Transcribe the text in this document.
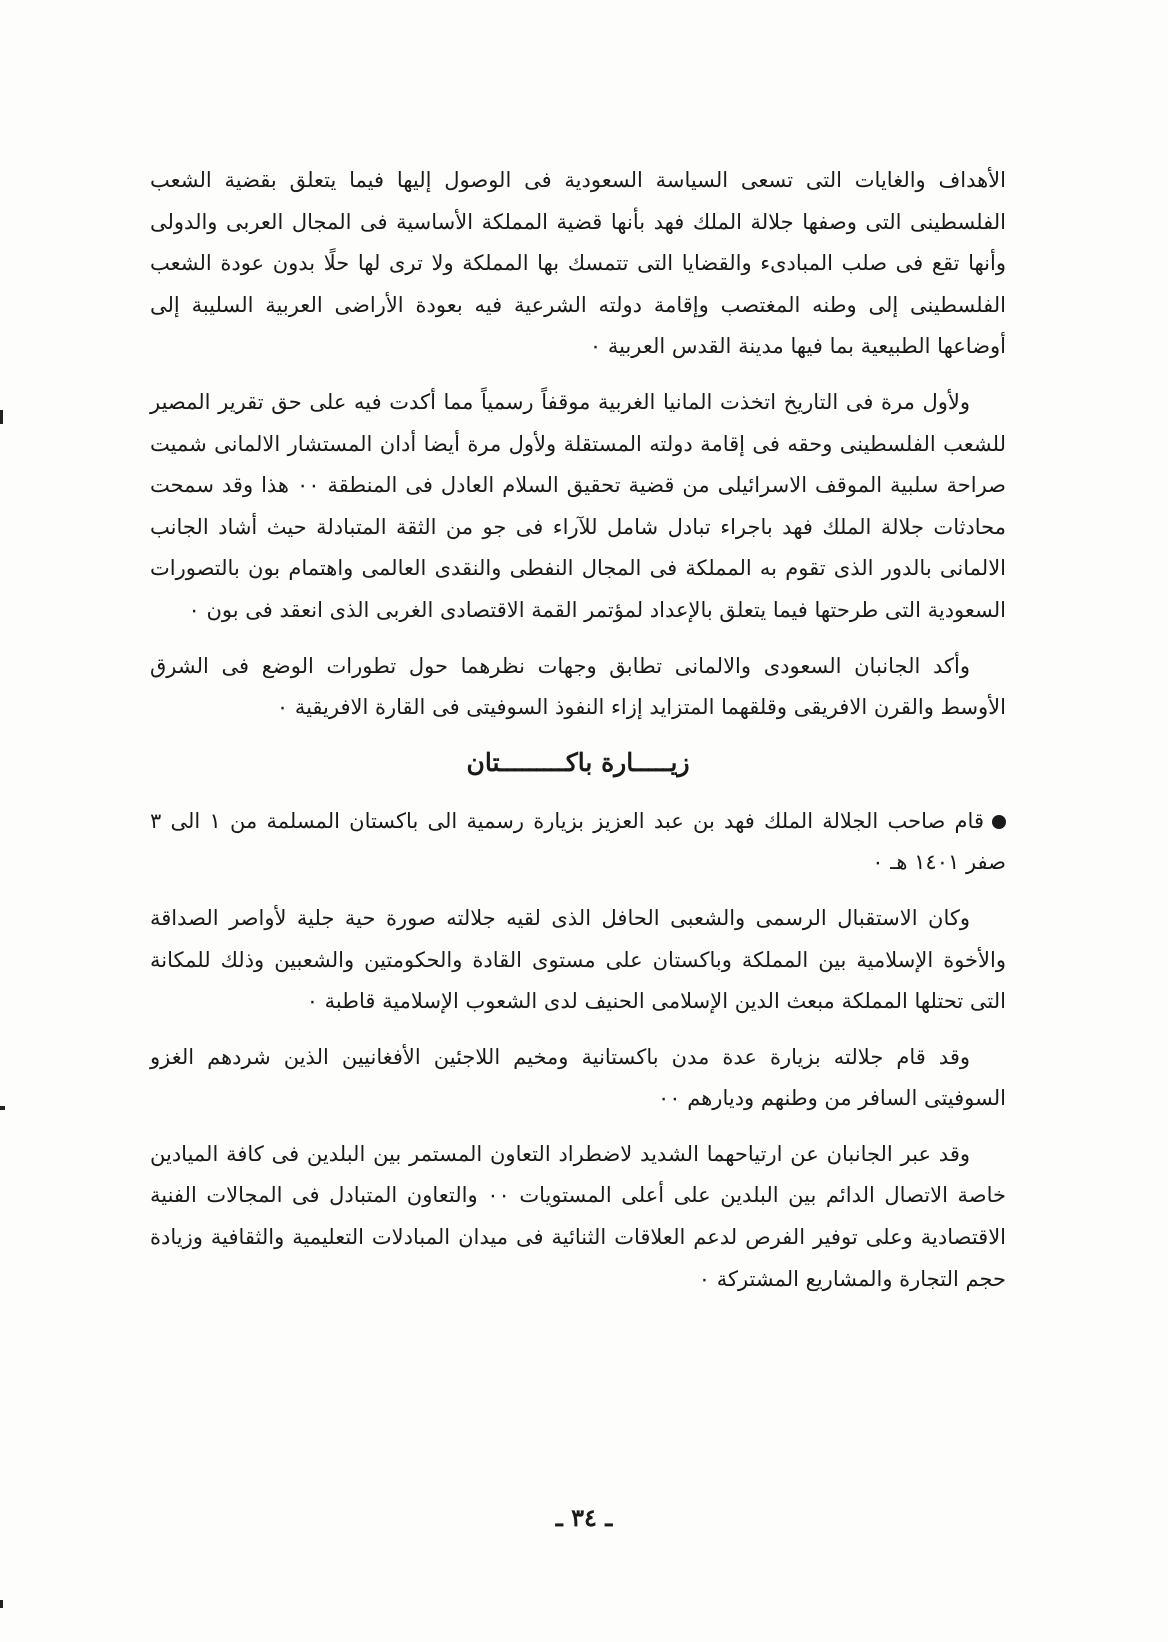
الأهداف والغايات التى تسعى السياسة السعودية فى الوصول إليها فيما يتعلق بقضية الشعب الفلسطينى التى وصفها جلالة الملك فهد بأنها قضية المملكة الأساسية فى المجال العربى والدولى وأنها تقع فى صلب المبادىء والقضايا التى تتمسك بها المملكة ولا ترى لها حلًا بدون عودة الشعب الفلسطينى إلى وطنه المغتصب وإقامة دولته الشرعية فيه بعودة الأراضى العربية السليبة إلى أوضاعها الطبيعية بما فيها مدينة القدس العربية ٠

ولأول مرة فى التاريخ اتخذت المانيا الغربية موقفاً رسمياً مما أكدت فيه على حق تقرير المصير للشعب الفلسطينى وحقه فى إقامة دولته المستقلة ولأول مرة أيضا أدان المستشار الالمانى شميت صراحة سلبية الموقف الاسرائيلى من قضية تحقيق السلام العادل فى المنطقة ٠٠ هذا وقد سمحت محادثات جلالة الملك فهد باجراء تبادل شامل للآراء فى جو من الثقة المتبادلة حيث أشاد الجانب الالمانى بالدور الذى تقوم به المملكة فى المجال النفطى والنقدى العالمى واهتمام بون بالتصورات السعودية التى طرحتها فيما يتعلق بالإعداد لمؤتمر القمة الاقتصادى الغربى الذى انعقد فى بون ٠

وأكد الجانبان السعودى والالمانى تطابق وجهات نظرهما حول تطورات الوضع فى الشرق الأوسط والقرن الافريقى وقلقهما المتزايد إزاء النفوذ السوفيتى فى القارة الافريقية ٠

زيـــــارة باكـــــــــتان

قام صاحب الجلالة الملك فهد بن عبد العزيز بزيارة رسمية الى باكستان المسلمة من ١ الى ٣ صفر ١٤٠١ هـ ٠

وكان الاستقبال الرسمى والشعبى الحافل الذى لقيه جلالته صورة حية جلية لأواصر الصداقة والأخوة الإسلامية بين المملكة وباكستان على مستوى القادة والحكومتين والشعبين وذلك للمكانة التى تحتلها المملكة مبعث الدين الإسلامى الحنيف لدى الشعوب الإسلامية قاطبة ٠

وقد قام جلالته بزيارة عدة مدن باكستانية ومخيم اللاجئين الأفغانيين الذين شردهم الغزو السوفيتى السافر من وطنهم وديارهم ٠٠

وقد عبر الجانبان عن ارتياحهما الشديد لاضطراد التعاون المستمر بين البلدين فى كافة الميادين خاصة الاتصال الدائم بين البلدين على أعلى المستويات ٠٠ والتعاون المتبادل فى المجالات الفنية الاقتصادية وعلى توفير الفرص لدعم العلاقات الثنائية فى ميدان المبادلات التعليمية والثقافية وزيادة حجم التجارة والمشاريع المشتركة ٠

ـ ٣٤ ـ
